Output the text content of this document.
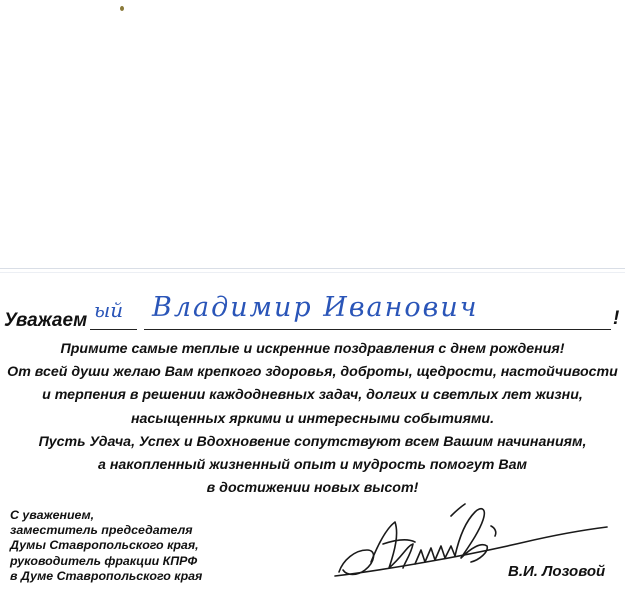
Уважаем ый Владимир Иванович	!
Примите самые теплые и искренние поздравления с днем рождения!
От всей души желаю Вам крепкого здоровья, доброты, щедрости, настойчивости
и терпения в решении каждодневных задач, долгих и светлых лет жизни,
насыщенных яркими и интересными событиями.
Пусть Удача, Успех и Вдохновение сопутствуют всем Вашим начинаниям,
а накопленный жизненный опыт и мудрость помогут Вам
в достижении новых высот!
С уважением,
заместитель председателя
Думы Ставропольского края,
руководитель фракции КПРФ
в Думе Ставропольского края	В.И. Лозовой
